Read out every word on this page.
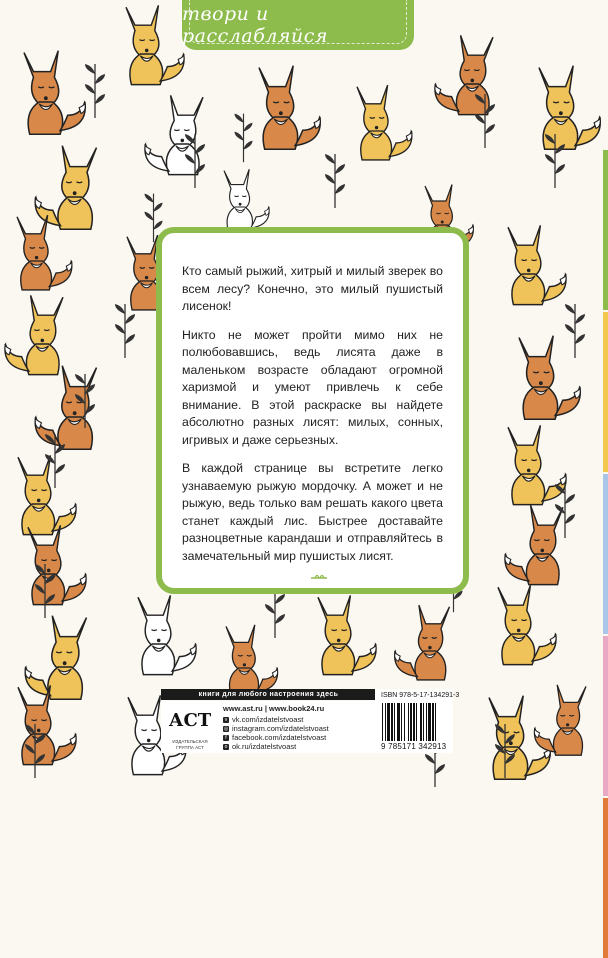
твори и расслабляйся

Кто самый рыжий, хитрый и милый зверек во всем лесу? Конечно, это милый пушистый лисенок!

Никто не может пройти мимо них не полюбовавшись, ведь лисята даже в маленьком возрасте обладают огромной харизмой и умеют привлечь к себе внимание. В этой раскраске вы найдете абсолютно разных лисят: милых, сонных, игривых и даже серьезных.

В каждой странице вы встретите легко узнаваемую рыжую мордочку. А может и не рыжую, ведь только вам решать какого цвета станет каждый лис. Быстрее доставайте разноцветные карандаши и отправляйтесь в замечательный мир пушистых лисят.

книги для любого настроения здесь
АСТ
ИЗДАТЕЛЬСКАЯ ГРУППА АСТ
www.ast.ru | www.book24.ru
v vk.com/izdatelstvoast
◎ instagram.com/izdatelstvoast
f facebook.com/izdatelstvoast
o ok.ru/izdatelstvoast
ISBN 978-5-17-134291-3
9 785171 342913
